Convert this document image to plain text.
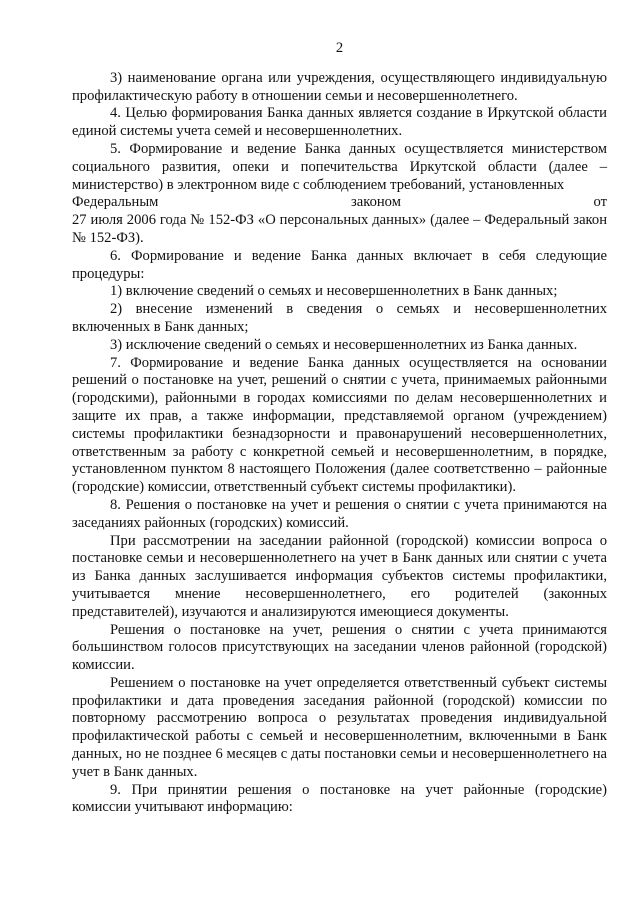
2

3) наименование органа или учреждения, осуществляющего индивидуальную профилактическую работу в отношении семьи и несовершеннолетнего.

4. Целью формирования Банка данных является создание в Иркутской области единой системы учета семей и несовершеннолетних.

5. Формирование и ведение Банка данных осуществляется министерством социального развития, опеки и попечительства Иркутской области (далее – министерство) в электронном виде с соблюдением требований, установленных

Федеральным	законом	от

27 июля 2006 года № 152-ФЗ «О персональных данных» (далее – Федеральный закон № 152-ФЗ).

6. Формирование и ведение Банка данных включает в себя следующие процедуры:

1) включение сведений о семьях и несовершеннолетних в Банк данных;

2) внесение изменений в сведения о семьях и несовершеннолетних включенных в Банк данных;

3) исключение сведений о семьях и несовершеннолетних из Банка данных.

7. Формирование и ведение Банка данных осуществляется на основании решений о постановке на учет, решений о снятии с учета, принимаемых районными (городскими), районными в городах комиссиями по делам несовершеннолетних и защите их прав, а также информации, представляемой органом (учреждением) системы профилактики безнадзорности и правонарушений несовершеннолетних, ответственным за работу с конкретной семьей и несовершеннолетним, в порядке, установленном пунктом 8 настоящего Положения (далее соответственно – районные (городские) комиссии, ответственный субъект системы профилактики).

8. Решения о постановке на учет и решения о снятии с учета принимаются на заседаниях районных (городских) комиссий.

При рассмотрении на заседании районной (городской) комиссии вопроса о постановке семьи и несовершеннолетнего на учет в Банк данных или снятии с учета из Банка данных заслушивается информация субъектов системы профилактики, учитывается мнение несовершеннолетнего, его родителей (законных представителей), изучаются и анализируются имеющиеся документы.

Решения о постановке на учет, решения о снятии с учета принимаются большинством голосов присутствующих на заседании членов районной (городской) комиссии.

Решением о постановке на учет определяется ответственный субъект системы профилактики и дата проведения заседания районной (городской) комиссии по повторному рассмотрению вопроса о результатах проведения индивидуальной профилактической работы с семьей и несовершеннолетним, включенными в Банк данных, но не позднее 6 месяцев с даты постановки семьи и несовершеннолетнего на учет в Банк данных.

9. При принятии решения о постановке на учет районные (городские) комиссии учитывают информацию:
